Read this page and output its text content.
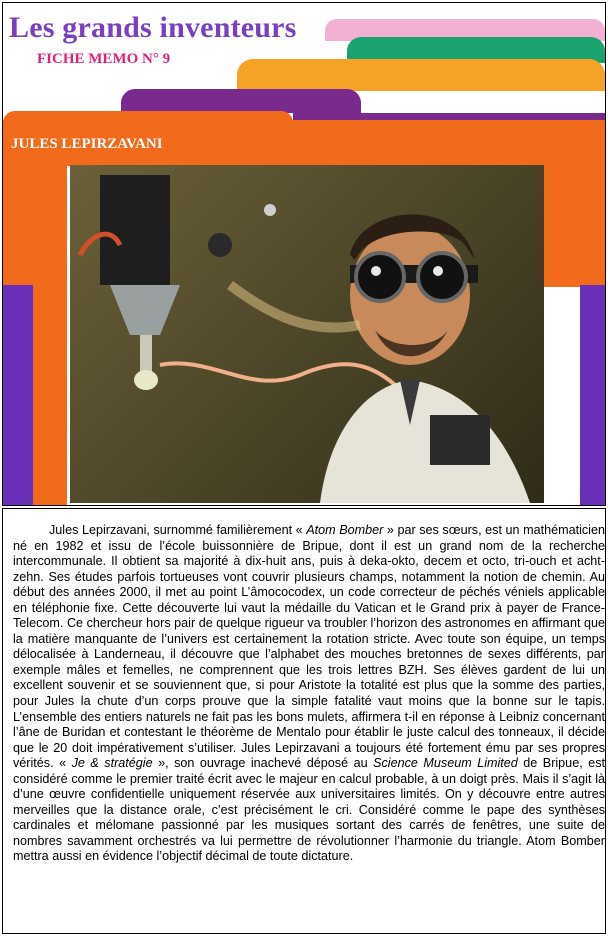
Les grands inventeurs
FICHE MEMO N° 9
JULES LEPIRZAVANI

Jules Lepirzavani, surnommé familièrement « Atom Bomber » par ses sœurs, est un mathématicien né en 1982 et issu de l’école buissonnière de Bripue, dont il est un grand nom de la recherche intercommunale. Il obtient sa majorité à dix-huit ans, puis à deka-okto, decem et octo, tri-ouch et acht-zehn. Ses études parfois tortueuses vont couvrir plusieurs champs, notamment la notion de chemin. Au début des années 2000, il met au point L’âmococodex, un code correcteur de péchés véniels applicable en téléphonie fixe. Cette découverte lui vaut la médaille du Vatican et le Grand prix à payer de France-Telecom. Ce chercheur hors pair de quelque rigueur va troubler l’horizon des astronomes en affirmant que la matière manquante de l’univers est certainement la rotation stricte. Avec toute son équipe, un temps délocalisée à Landerneau, il découvre que l’alphabet des mouches bretonnes de sexes différents, par exemple mâles et femelles, ne comprennent que les trois lettres BZH. Ses élèves gardent de lui un excellent souvenir et se souviennent que, si pour Aristote la totalité est plus que la somme des parties, pour Jules la chute d’un corps prouve que la simple fatalité vaut moins que la bonne sur le tapis. L’ensemble des entiers naturels ne fait pas les bons mulets, affirmera t-il en réponse à Leibniz concernant l’âne de Buridan et contestant le théorème de Mentalo pour établir le juste calcul des tonneaux, il décide que le 20 doit impérativement s’utiliser. Jules Lepirzavani a toujours été fortement ému par ses propres vérités. « Je & stratégie », son ouvrage inachevé déposé au Science Museum Limited de Bripue, est considéré comme le premier traité écrit avec le majeur en calcul probable, à un doigt près. Mais il s’agit là d’une œuvre confidentielle uniquement réservée aux universitaires limités. On y découvre entre autres merveilles que la distance orale, c’est précisément le cri. Considéré comme le pape des synthèses cardinales et mélomane passionné par les musiques sortant des carrés de fenêtres, une suite de nombres savamment orchestrés va lui permettre de révolutionner l’harmonie du triangle. Atom Bomber mettra aussi en évidence l’objectif décimal de toute dictature.
